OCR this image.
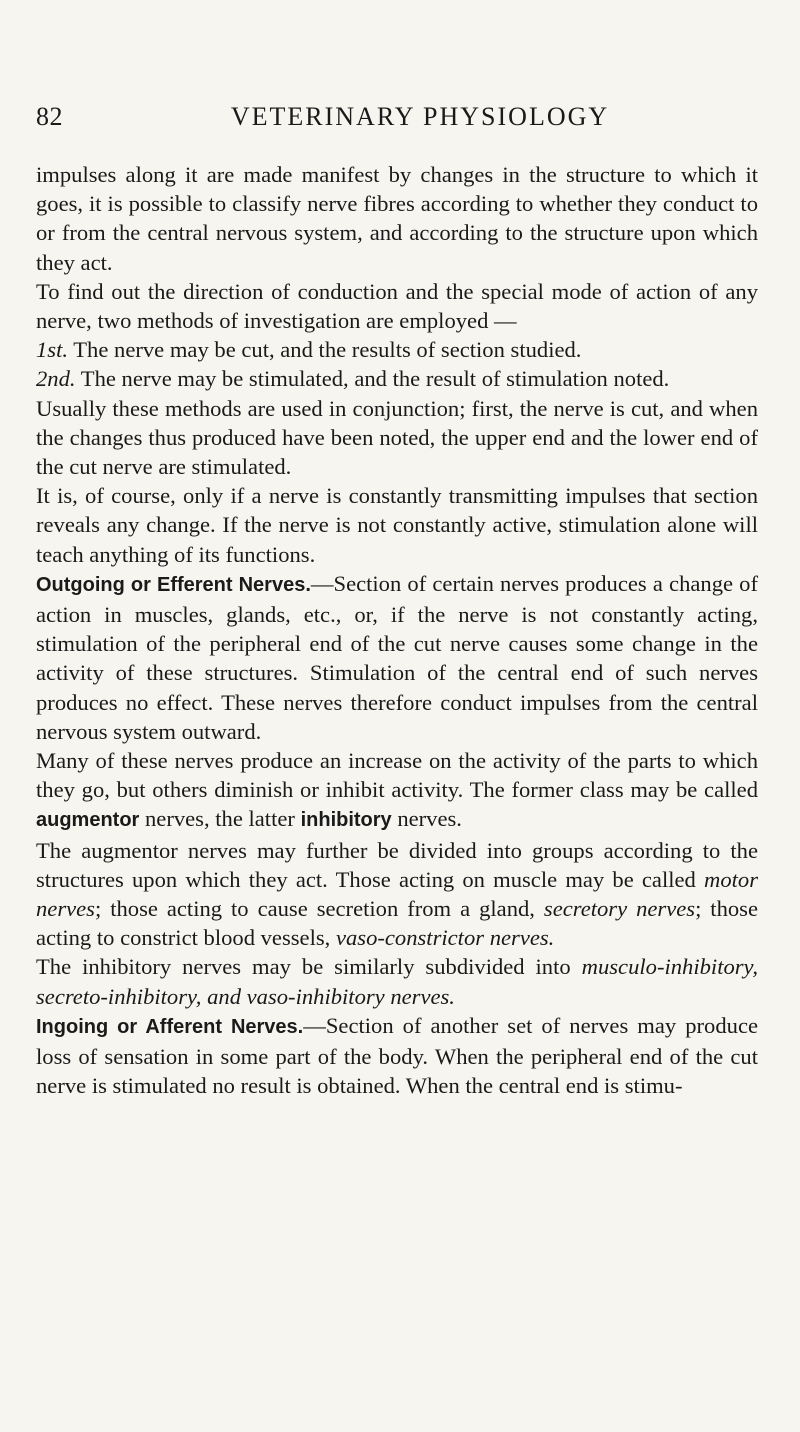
82	VETERINARY PHYSIOLOGY

impulses along it are made manifest by changes in the structure to which it goes, it is possible to classify nerve fibres according to whether they conduct to or from the central nervous system, and according to the structure upon which they act.

To find out the direction of conduction and the special mode of action of any nerve, two methods of investigation are employed —

1st. The nerve may be cut, and the results of section studied.

2nd. The nerve may be stimulated, and the result of stimulation noted.

Usually these methods are used in conjunction; first, the nerve is cut, and when the changes thus produced have been noted, the upper end and the lower end of the cut nerve are stimulated.

It is, of course, only if a nerve is constantly transmitting impulses that section reveals any change. If the nerve is not constantly active, stimulation alone will teach anything of its functions.

Outgoing or Efferent Nerves.—Section of certain nerves produces a change of action in muscles, glands, etc., or, if the nerve is not constantly acting, stimulation of the peripheral end of the cut nerve causes some change in the activity of these structures. Stimulation of the central end of such nerves produces no effect. These nerves therefore conduct impulses from the central nervous system outward.

Many of these nerves produce an increase on the activity of the parts to which they go, but others diminish or inhibit activity. The former class may be called augmentor nerves, the latter inhibitory nerves.

The augmentor nerves may further be divided into groups according to the structures upon which they act. Those acting on muscle may be called motor nerves; those acting to cause secretion from a gland, secretory nerves; those acting to constrict blood vessels, vaso-constrictor nerves.

The inhibitory nerves may be similarly subdivided into musculo-inhibitory, secreto-inhibitory, and vaso-inhibitory nerves.

Ingoing or Afferent Nerves.—Section of another set of nerves may produce loss of sensation in some part of the body. When the peripheral end of the cut nerve is stimulated no result is obtained. When the central end is stimu-
